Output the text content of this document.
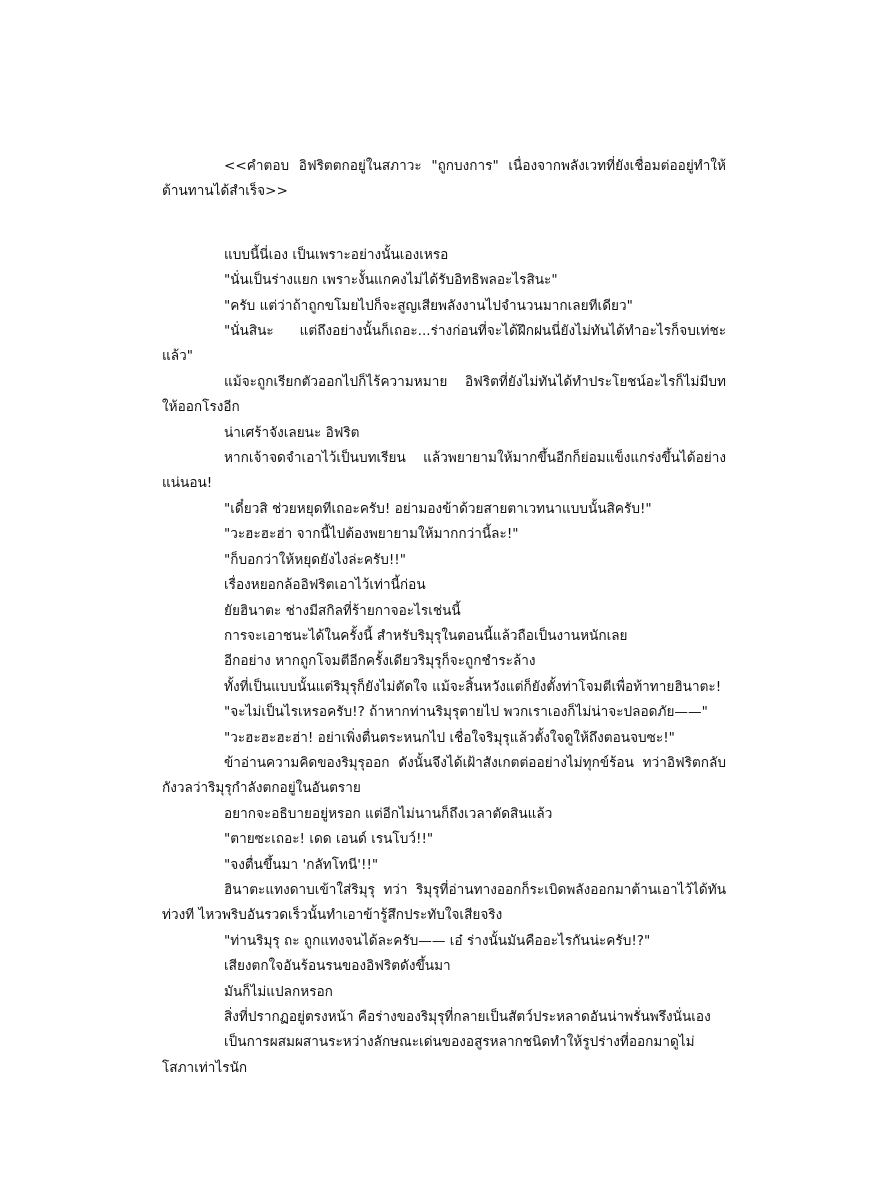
<<คำตอบ อิฟริตตกอยู่ในสภาวะ "ถูกบงการ" เนื่องจากพลังเวทที่ยังเชื่อมต่ออยู่ทำให้ต้านทานได้สำเร็จ>>

แบบนี้นี่เอง เป็นเพราะอย่างนั้นเองเหรอ

"นั่นเป็นร่างแยก เพราะงั้นแกคงไม่ได้รับอิทธิพลอะไรสินะ"

"ครับ แต่ว่าถ้าถูกขโมยไปก็จะสูญเสียพลังงานไปจำนวนมากเลยทีเดียว"

"นั่นสินะ แต่ถึงอย่างนั้นก็เถอะ...ร่างก่อนที่จะได้ฝึกฝนนี่ยังไม่ทันได้ทำอะไรก็จบเท่ชะแล้ว"

แม้จะถูกเรียกตัวออกไปก็ไร้ความหมาย อิฟริตที่ยังไม่ทันได้ทำประโยชน์อะไรก็ไม่มีบทให้ออกโรงอีก

น่าเศร้าจังเลยนะ อิฟริต

หากเจ้าจดจำเอาไว้เป็นบทเรียน แล้วพยายามให้มากขึ้นอีกก็ย่อมแข็งแกร่งขึ้นได้อย่างแน่นอน!

"เดี๋ยวสิ ช่วยหยุดทีเถอะครับ! อย่ามองข้าด้วยสายตาเวทนาแบบนั้นสิครับ!"

"วะฮะฮะฮ่า จากนี้ไปต้องพยายามให้มากกว่านี้ละ!"

"ก็บอกว่าให้หยุดยังไงล่ะครับ!!"

เรื่องหยอกล้ออิฟริตเอาไว้เท่านี้ก่อน

ยัยฮินาตะ ช่างมีสกิลที่ร้ายกาจอะไรเช่นนี้

การจะเอาชนะได้ในครั้งนี้ สำหรับริมุรุในตอนนี้แล้วถือเป็นงานหนักเลย

อีกอย่าง หากถูกโจมตีอีกครั้งเดียวริมุรุก็จะถูกชำระล้าง

ทั้งที่เป็นแบบนั้นแต่ริมุรุก็ยังไม่ตัดใจ แม้จะสิ้นหวังแต่ก็ยังตั้งท่าโจมตีเพื่อท้าทายฮินาตะ!

"จะไม่เป็นไรเหรอครับ!? ถ้าหากท่านริมุรุตายไป พวกเราเองก็ไม่น่าจะปลอดภัย——"

"วะฮะฮะฮะฮ่า! อย่าเพิ่งตื่นตระหนกไป เชื่อใจริมุรุแล้วตั้งใจดูให้ถึงตอนจบซะ!"

ข้าอ่านความคิดของริมุรุออก ดังนั้นจึงได้เฝ้าสังเกตต่ออย่างไม่ทุกข์ร้อน ทว่าอิฟริตกลับกังวลว่าริมุรุกำลังตกอยู่ในอันตราย

อยากจะอธิบายอยู่หรอก แต่อีกไม่นานก็ถึงเวลาตัดสินแล้ว

"ตายซะเถอะ! เดด เอนด์ เรนโบว์!!"

"จงตื่นขึ้นมา 'กลัทโทนี'!!"

ฮินาตะแทงดาบเข้าใส่ริมุรุ ทว่า ริมุรุที่อ่านทางออกก็ระเบิดพลังออกมาต้านเอาไว้ได้ทันท่วงที ไหวพริบอันรวดเร็วนั้นทำเอาข้ารู้สึกประทับใจเสียจริง

"ท่านริมุรุ ถะ ถูกแทงจนได้ละครับ—— เอ๋ ร่างนั้นมันคืออะไรกันน่ะครับ!?"

เสียงตกใจอันร้อนรนของอิฟริตดังขึ้นมา

มันก็ไม่แปลกหรอก

สิ่งที่ปรากฏอยู่ตรงหน้า คือร่างของริมุรุที่กลายเป็นสัตว์ประหลาดอันน่าพรั่นพรึงนั่นเอง

เป็นการผสมผสานระหว่างลักษณะเด่นของอสูรหลากชนิดทำให้รูปร่างที่ออกมาดูไม่โสภาเท่าไรนัก
